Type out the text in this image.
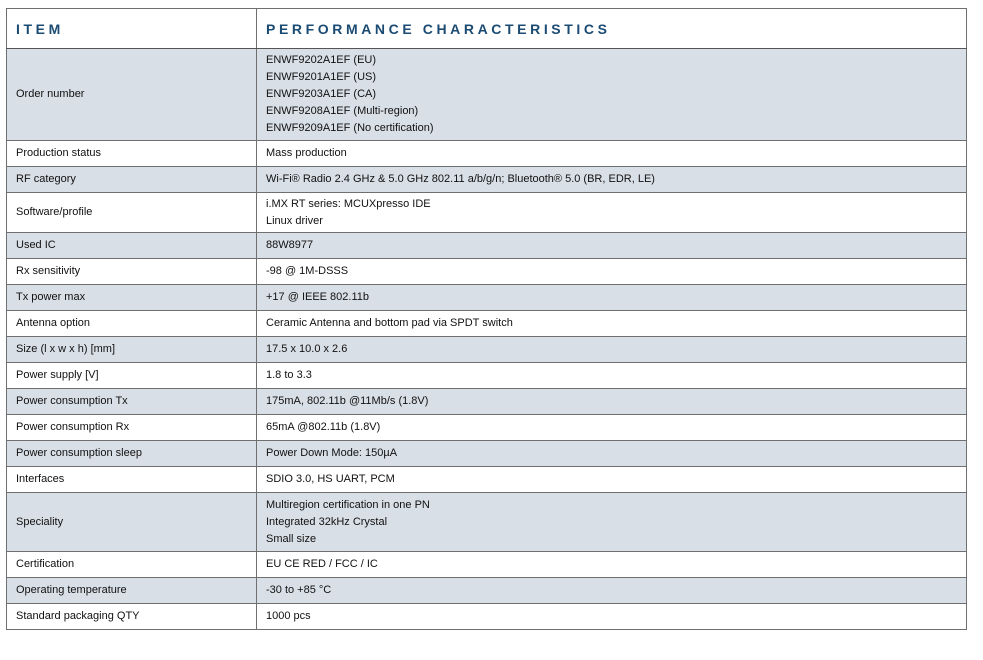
ITEM	PERFORMANCE CHARACTERISTICS
Order number	ENWF9202A1EF (EU)
ENWF9201A1EF (US)
ENWF9203A1EF (CA)
ENWF9208A1EF (Multi-region)
ENWF9209A1EF (No certification)

Production status	Mass production
RF category	Wi-Fi® Radio 2.4 GHz & 5.0 GHz 802.11 a/b/g/n; Bluetooth® 5.0 (BR, EDR, LE)
Software/profile	i.MX RT series: MCUXpresso IDE
Linux driver

Used IC	88W8977
Rx sensitivity	-98 @ 1M-DSSS
Tx power max	+17 @ IEEE 802.11b
Antenna option	Ceramic Antenna and bottom pad via SPDT switch
Size (l x w x h) [mm]	17.5 x 10.0 x 2.6
Power supply [V]	1.8 to 3.3
Power consumption Tx	175mA, 802.11b @11Mb/s (1.8V)
Power consumption Rx	65mA @802.11b (1.8V)
Power consumption sleep	Power Down Mode: 150µA
Interfaces	SDIO 3.0, HS UART, PCM
Speciality	Multiregion certification in one PN
Integrated 32kHz Crystal
Small size

Certification	EU CE RED / FCC / IC
Operating temperature	-30 to +85 °C
Standard packaging QTY	1000 pcs
